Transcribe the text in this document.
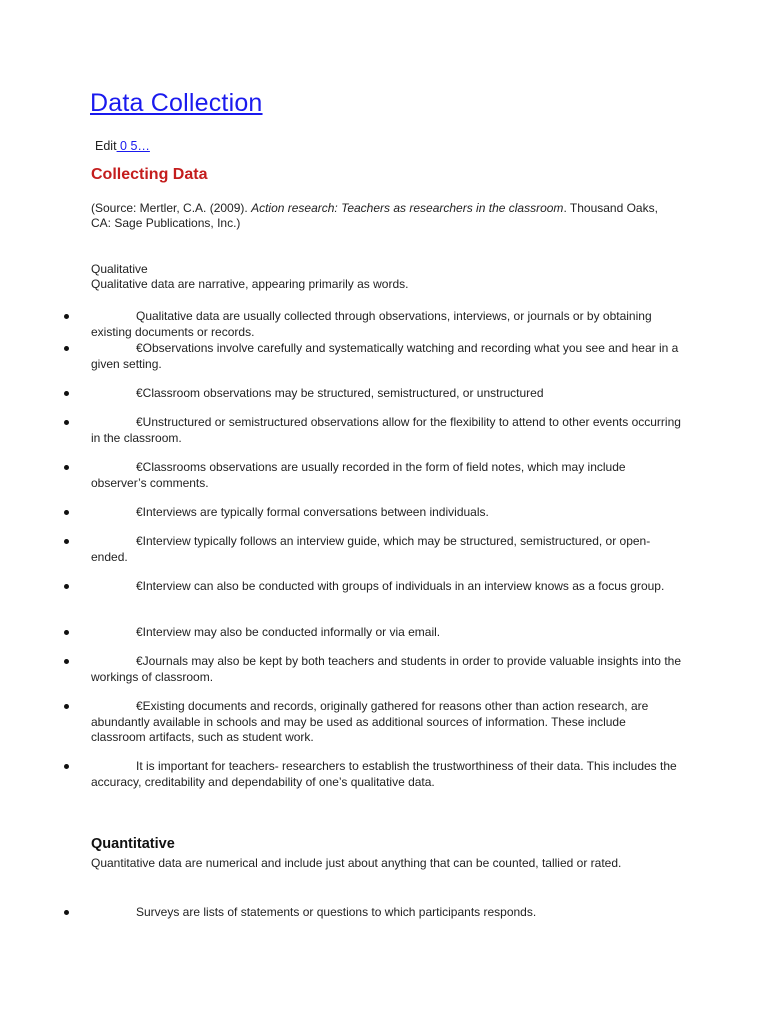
Data Collection
Edit 0 5…
Collecting Data
(Source: Mertler, C.A. (2009). Action research: Teachers as researchers in the classroom. Thousand Oaks, CA: Sage Publications, Inc.)
Qualitative
Qualitative data are narrative, appearing primarily as words.
Qualitative data are usually collected through observations, interviews, or journals or by obtaining existing documents or records.
€Observations involve carefully and systematically watching and recording what you see and hear in a given setting.
€Classroom observations may be structured, semistructured, or unstructured
€Unstructured or semistructured observations allow for the flexibility to attend to other events occurring in the classroom.
€Classrooms observations are usually recorded in the form of field notes, which may include observer’s comments.
€Interviews are typically formal conversations between individuals.
€Interview typically follows an interview guide, which may be structured, semistructured, or open-ended.
€Interview can also be conducted with groups of individuals in an interview knows as a focus group.
€Interview may also be conducted informally or via email.
€Journals may also be kept by both teachers and students in order to provide valuable insights into the workings of classroom.
€Existing documents and records, originally gathered for reasons other than action research, are abundantly available in schools and may be used as additional sources of information. These include classroom artifacts, such as student work.
It is important for teachers- researchers to establish the trustworthiness of their data. This includes the accuracy, creditability and dependability of one’s qualitative data.
Quantitative
Quantitative data are numerical and include just about anything that can be counted, tallied or rated.
Surveys are lists of statements or questions to which participants responds.
